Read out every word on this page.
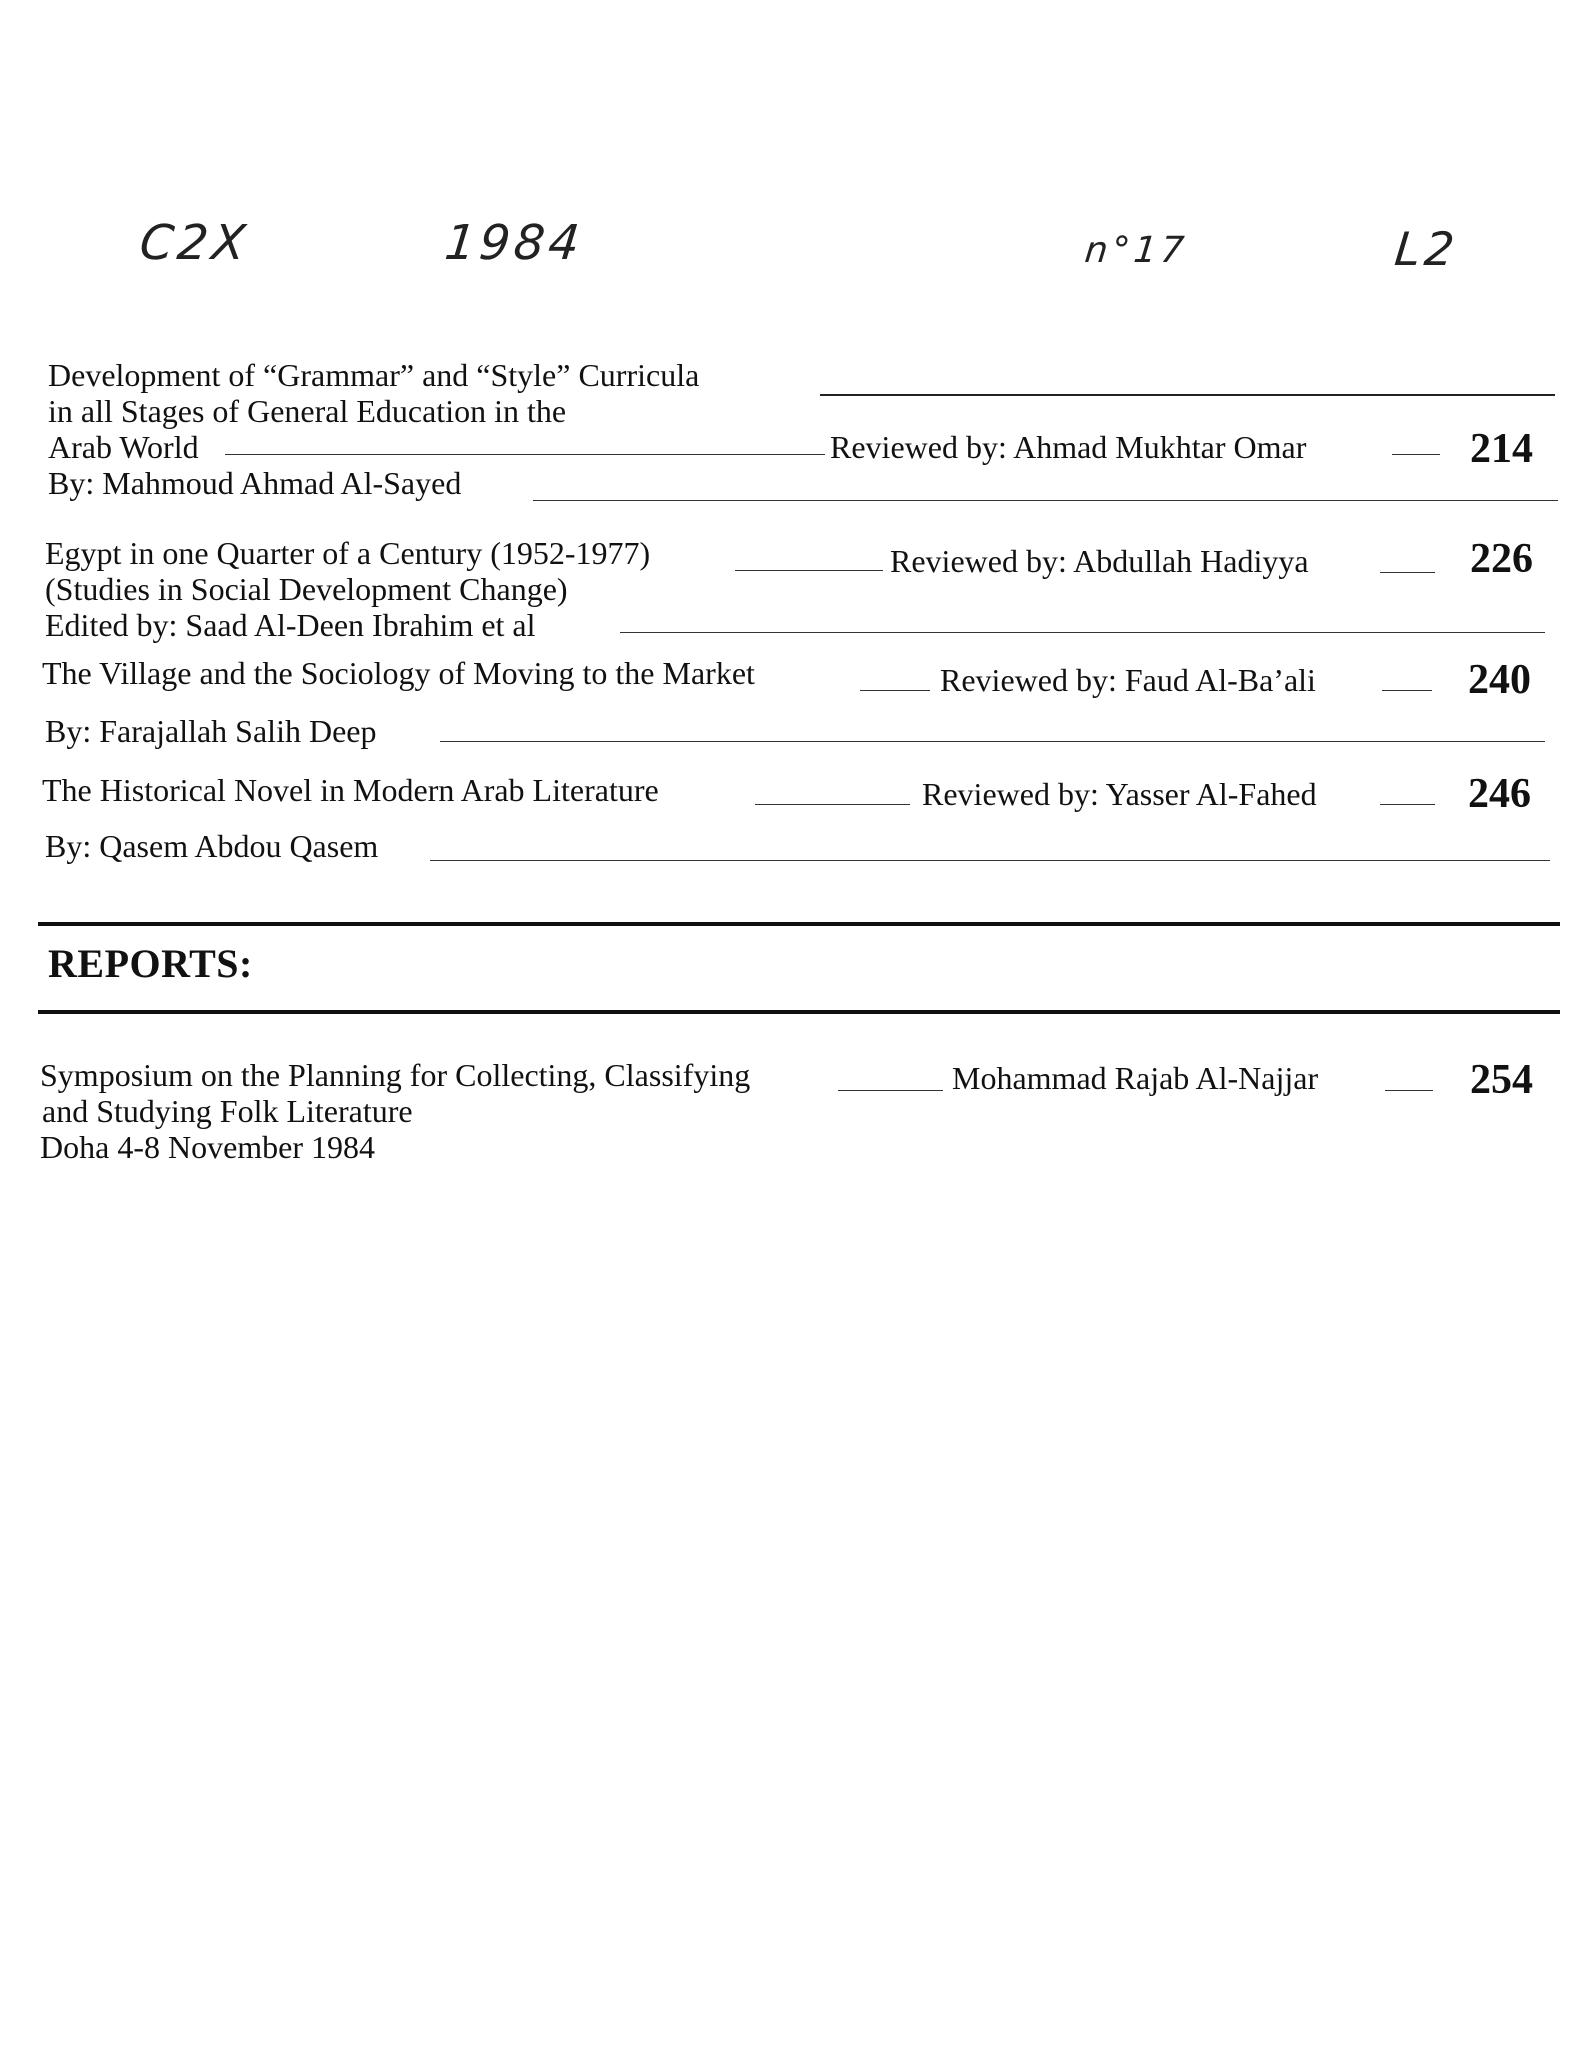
C2X	1984	n°17	L2
Development of “Grammar” and “Style” Curricula
in all Stages of General Education in the
Arab World	Reviewed by: Ahmad Mukhtar Omar	214
By: Mahmoud Ahmad Al-Sayed
Egypt in one Quarter of a Century (1952-1977)	Reviewed by: Abdullah Hadiyya	226
(Studies in Social Development Change)
Edited by: Saad Al-Deen Ibrahim et al
The Village and the Sociology of Moving to the Market	Reviewed by: Faud Al-Ba’ali	240
By: Farajallah Salih Deep
The Historical Novel in Modern Arab Literature	Reviewed by: Yasser Al-Fahed	246
By: Qasem Abdou Qasem
REPORTS:
Symposium on the Planning for Collecting, Classifying	Mohammad Rajab Al-Najjar	254
and Studying Folk Literature
Doha 4-8 November 1984
